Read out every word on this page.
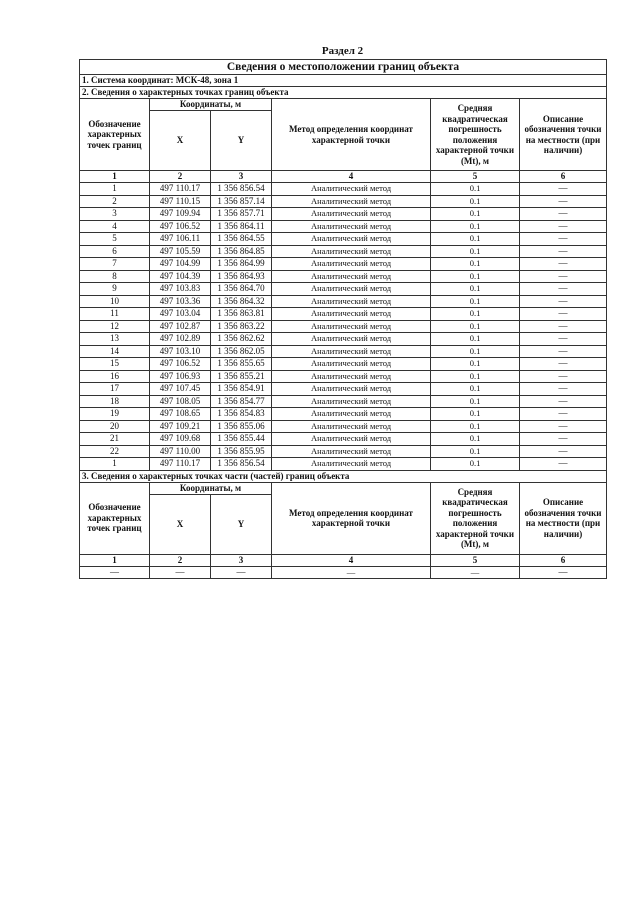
Раздел 2
Сведения о местоположении границ объекта					
1. Система координат: МСК-48, зона 1					
2. Сведения о характерных точках границ объекта					
Обозначение характерных точек границ	Координаты, м		Метод определения координат характерной точки	Средняя квадратическая погрешность положения характерной точки (Mt), м	Описание обозначения точки на местности (при наличии)
	X	Y			
1	2	3	4	5	6
1	497 110.17	1 356 856.54	Аналитический метод	0.1	—
2	497 110.15	1 356 857.14	Аналитический метод	0.1	—
3	497 109.94	1 356 857.71	Аналитический метод	0.1	—
4	497 106.52	1 356 864.11	Аналитический метод	0.1	—
5	497 106.11	1 356 864.55	Аналитический метод	0.1	—
6	497 105.59	1 356 864.85	Аналитический метод	0.1	—
7	497 104.99	1 356 864.99	Аналитический метод	0.1	—
8	497 104.39	1 356 864.93	Аналитический метод	0.1	—
9	497 103.83	1 356 864.70	Аналитический метод	0.1	—
10	497 103.36	1 356 864.32	Аналитический метод	0.1	—
11	497 103.04	1 356 863.81	Аналитический метод	0.1	—
12	497 102.87	1 356 863.22	Аналитический метод	0.1	—
13	497 102.89	1 356 862.62	Аналитический метод	0.1	—
14	497 103.10	1 356 862.05	Аналитический метод	0.1	—
15	497 106.52	1 356 855.65	Аналитический метод	0.1	—
16	497 106.93	1 356 855.21	Аналитический метод	0.1	—
17	497 107.45	1 356 854.91	Аналитический метод	0.1	—
18	497 108.05	1 356 854.77	Аналитический метод	0.1	—
19	497 108.65	1 356 854.83	Аналитический метод	0.1	—
20	497 109.21	1 356 855.06	Аналитический метод	0.1	—
21	497 109.68	1 356 855.44	Аналитический метод	0.1	—
22	497 110.00	1 356 855.95	Аналитический метод	0.1	—
1	497 110.17	1 356 856.54	Аналитический метод	0.1	—
3. Сведения о характерных точках части (частей) границ объекта					
Обозначение характерных точек границ	Координаты, м		Метод определения координат характерной точки	Средняя квадратическая погрешность положения характерной точки (Mt), м	Описание обозначения точки на местности (при наличии)
	X	Y			
1	2	3	4	5	6
—	—	—	—	—	—
